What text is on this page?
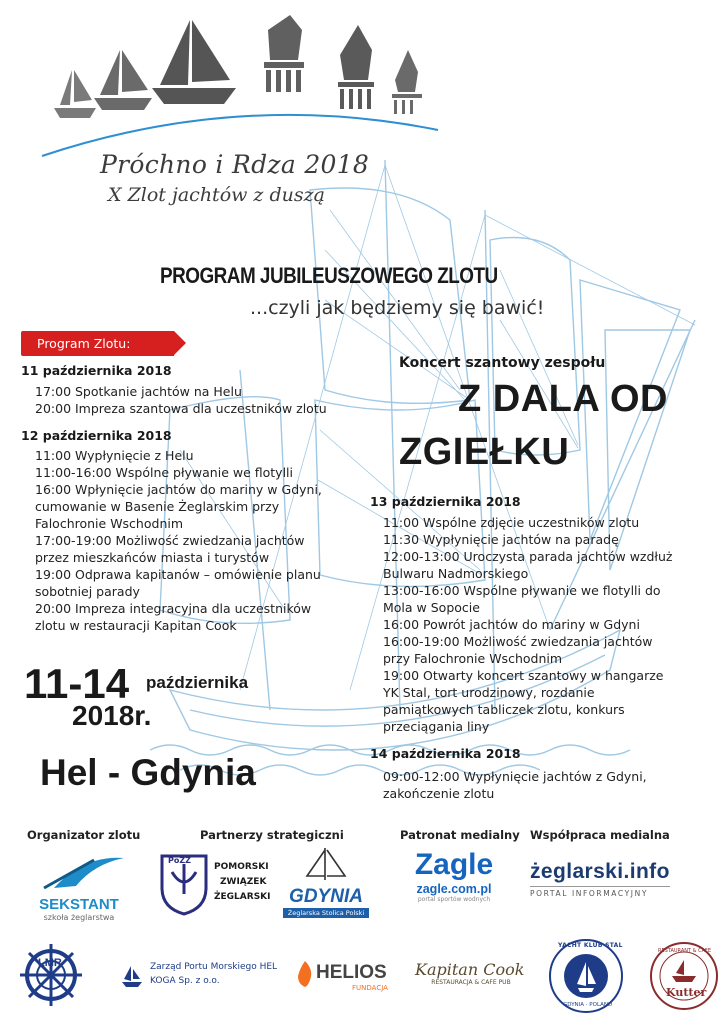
Próchno i Rdza 2018
X Zlot jachtów z duszą
PROGRAM JUBILEUSZOWEGO ZLOTU
...czyli jak będziemy się bawić!
Program Zlotu:
11 października 2018
17:00 Spotkanie jachtów na Helu
20:00 Impreza szantowa dla uczestników zlotu
12 października 2018
11:00 Wypłynięcie z Helu
11:00-16:00 Wspólne pływanie we flotylli
16:00 Wpłynięcie jachtów do mariny w Gdyni,
cumowanie w Basenie Żeglarskim przy
Falochronie Wschodnim
17:00-19:00 Możliwość zwiedzania jachtów
przez mieszkańców miasta i turystów
19:00 Odprawa kapitanów – omówienie planu
sobotniej parady
20:00 Impreza integracyjna dla uczestników
zlotu w restauracji Kapitan Cook
Koncert szantowy zespołu
Z DALA OD
ZGIEŁKU
13 października 2018
11:00 Wspólne zdjęcie uczestników zlotu
11:30 Wypłynięcie jachtów na paradę
12:00-13:00 Uroczysta parada jachtów wzdłuż
Bulwaru Nadmorskiego
13:00-16:00 Wspólne pływanie we flotylli do
Mola w Sopocie
16:00 Powrót jachtów do mariny w Gdyni
16:00-19:00 Możliwość zwiedzania jachtów
przy Falochronie Wschodnim
19:00 Otwarty koncert szantowy w hangarze
YK Stal, tort urodzinowy, rozdanie
pamiątkowych tabliczek zlotu, konkurs
przeciągania liny
14 października 2018
09:00-12:00 Wypłynięcie jachtów z Gdyni,
zakończenie zlotu
11-14 października
2018r.
Hel - Gdynia
Organizator zlotu	Partnerzy strategiczni	Patronat medialny Współpraca medialna
SEKSTANT
szkoła żeglarstwa
PoZŻ
POMORSKI
ZWIĄZEK
ŻEGLARSKI GDYNIA
Żeglarska Stolica Polski
Zagle
zagle.com.pl
portal sportów wodnych
żeglarski.info
PORTAL INFORMACYJNY
LMR	Zarząd Portu Morskiego HEL
KOGA Sp. z o.o.	HELIOS
FUNDACJA
Kapitan Cook
RESTAURACJA & CAFE PUB
YACHT KLUB STAL
GDYNIA · POLAND
RESTAURANT & CAFE
Kutter
